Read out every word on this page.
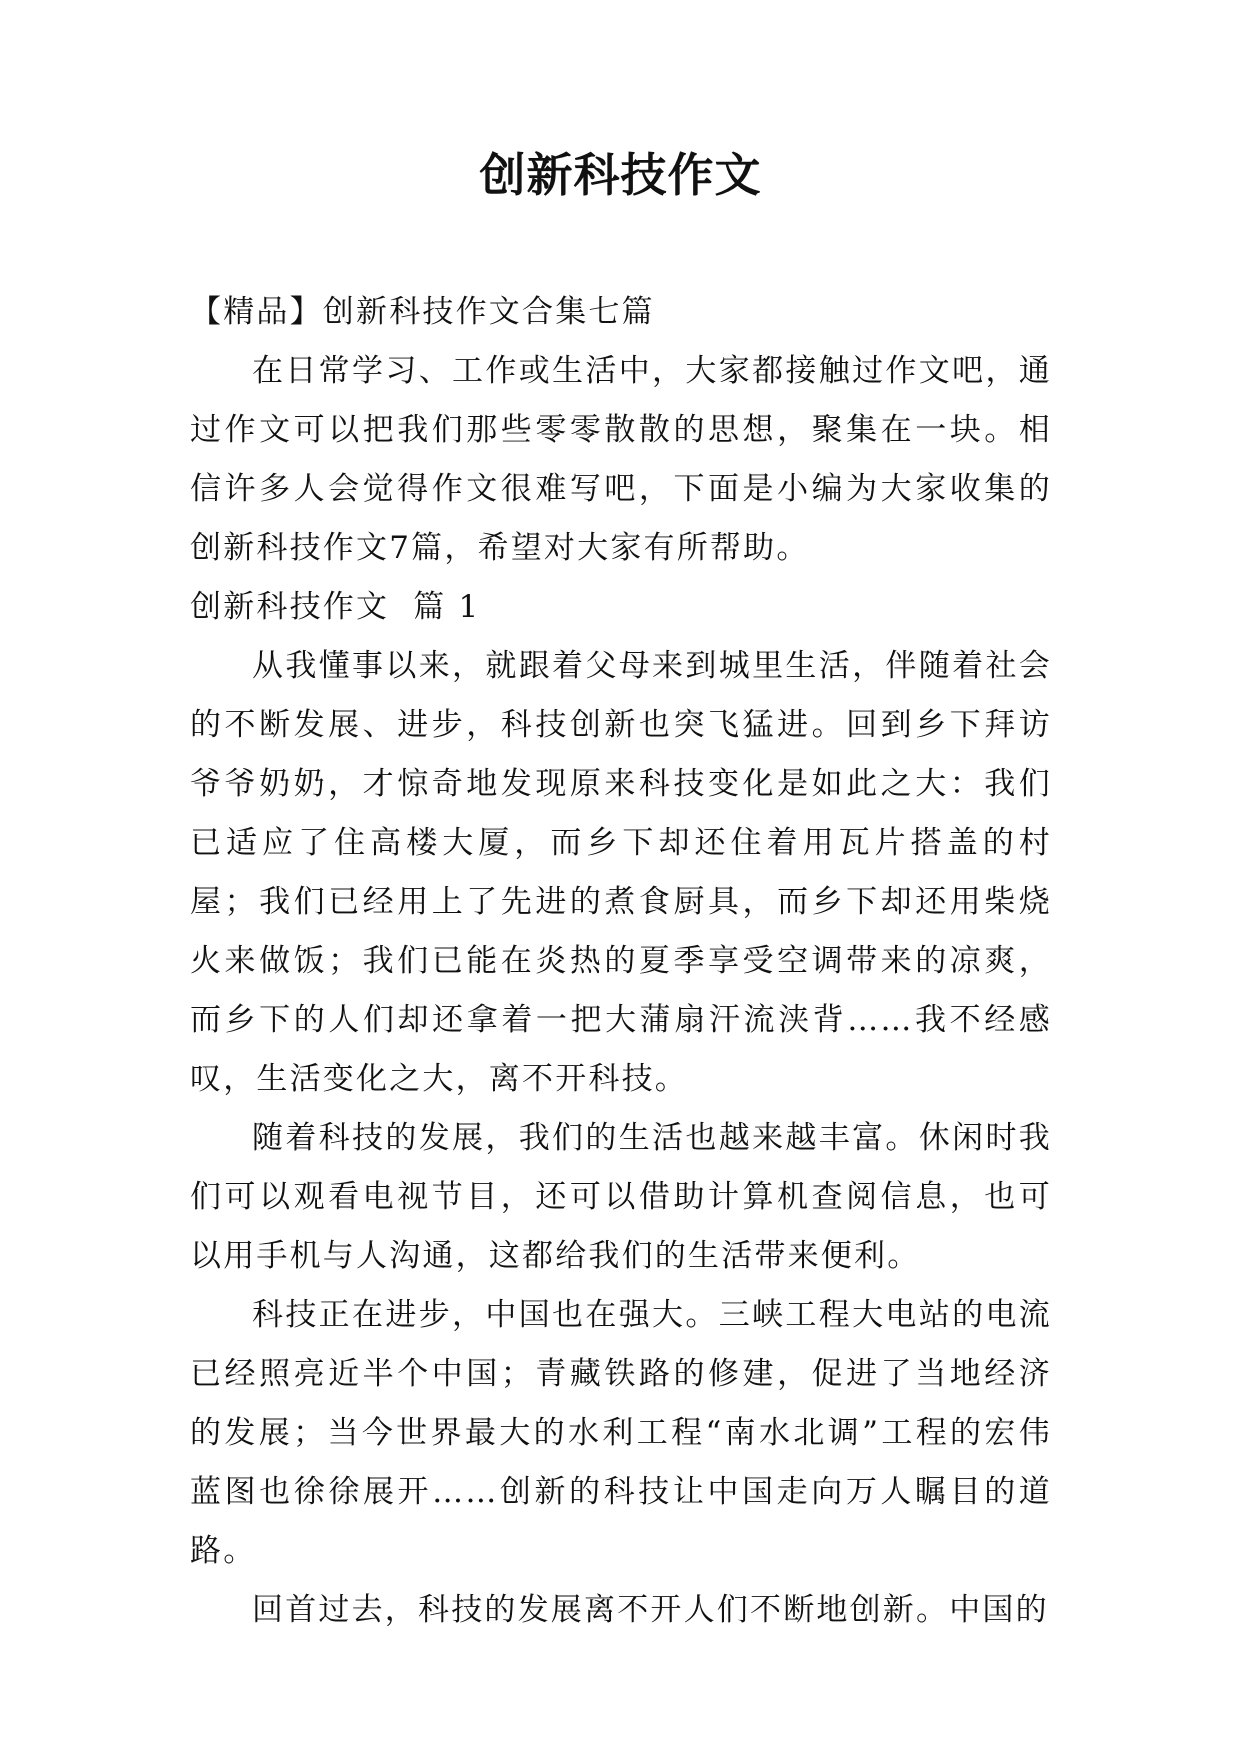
创新科技作文

【精品】创新科技作文合集七篇

在日常学习、工作或生活中，大家都接触过作文吧，通过作文可以把我们那些零零散散的思想，聚集在一块。相信许多人会觉得作文很难写吧，下面是小编为大家收集的创新科技作文7篇，希望对大家有所帮助。

创新科技作文  篇 1

从我懂事以来，就跟着父母来到城里生活，伴随着社会的不断发展、进步，科技创新也突飞猛进。回到乡下拜访爷爷奶奶，才惊奇地发现原来科技变化是如此之大：我们已适应了住高楼大厦，而乡下却还住着用瓦片搭盖的村屋；我们已经用上了先进的煮食厨具，而乡下却还用柴烧火来做饭；我们已能在炎热的夏季享受空调带来的凉爽，而乡下的人们却还拿着一把大蒲扇汗流浃背……我不经感叹，生活变化之大，离不开科技。

随着科技的发展，我们的生活也越来越丰富。休闲时我们可以观看电视节目，还可以借助计算机查阅信息，也可以用手机与人沟通，这都给我们的生活带来便利。

科技正在进步，中国也在强大。三峡工程大电站的电流已经照亮近半个中国；青藏铁路的修建，促进了当地经济的发展；当今世界最大的水利工程“南水北调”工程的宏伟蓝图也徐徐展开……创新的科技让中国走向万人瞩目的道路。

回首过去，科技的发展离不开人们不断地创新。中国的
